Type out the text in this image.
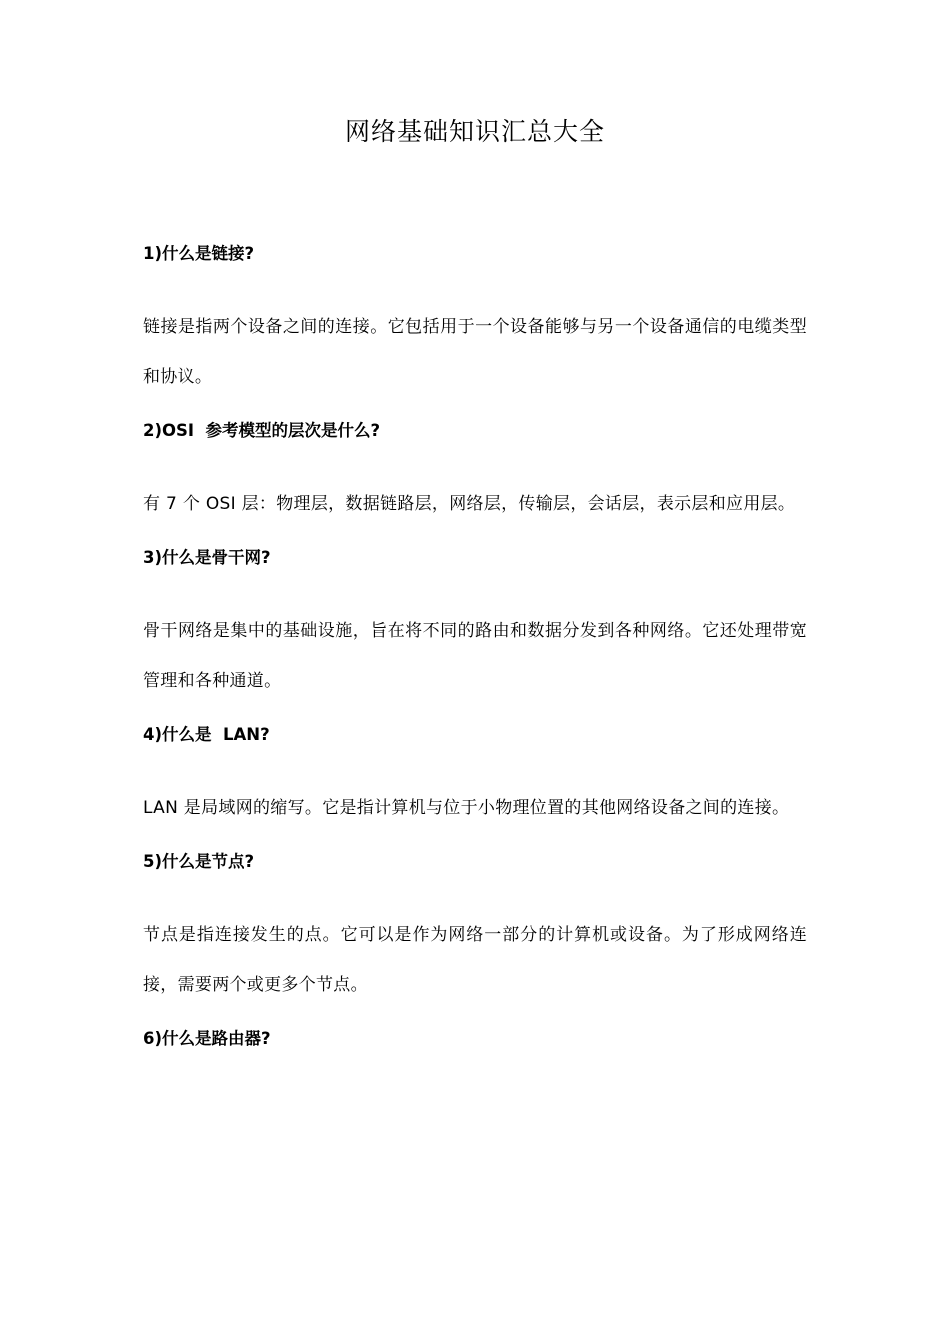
网络基础知识汇总大全

1)什么是链接?

链接是指两个设备之间的连接。它包括用于一个设备能够与另一个设备通信的电缆类型和协议。

2)OSI  参考模型的层次是什么?

有 7 个 OSI 层：物理层，数据链路层，网络层，传输层，会话层，表示层和应用层。

3)什么是骨干网?

骨干网络是集中的基础设施，旨在将不同的路由和数据分发到各种网络。它还处理带宽管理和各种通道。

4)什么是  LAN?

LAN 是局域网的缩写。它是指计算机与位于小物理位置的其他网络设备之间的连接。

5)什么是节点?

节点是指连接发生的点。它可以是作为网络一部分的计算机或设备。为了形成网络连接，需要两个或更多个节点。

6)什么是路由器?
